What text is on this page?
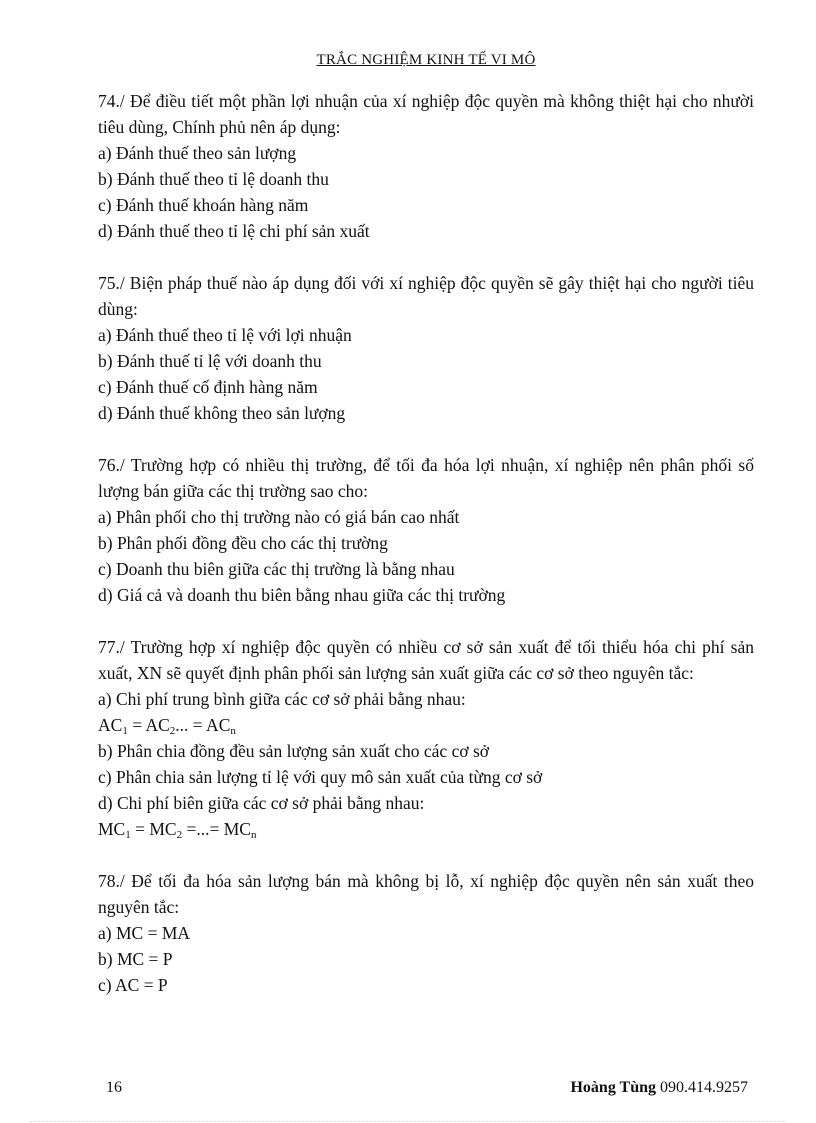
TRẮC NGHIỆM KINH TẾ VI MÔ
74./ Để điều tiết một phần lợi nhuận của xí nghiệp độc quyền mà không thiệt hại cho nhười tiêu dùng, Chính phủ nên áp dụng:
a) Đánh thuế theo sản lượng
b) Đánh thuế theo tỉ lệ doanh thu
c) Đánh thuế khoán hàng năm
d) Đánh thuế theo tỉ lệ chi phí sản xuất
75./ Biện pháp thuế nào áp dụng đối với xí nghiệp độc quyền sẽ gây thiệt hại cho người tiêu dùng:
a) Đánh thuế theo tỉ lệ với lợi nhuận
b) Đánh thuế tỉ lệ với doanh thu
c) Đánh thuế cố định hàng năm
d) Đánh thuế không theo sản lượng
76./ Trường hợp có nhiều thị trường, để tối đa hóa lợi nhuận, xí nghiệp nên phân phối số lượng bán giữa các thị trường sao cho:
a) Phân phối cho thị trường nào có giá bán cao nhất
b) Phân phối đồng đều cho các thị trường
c) Doanh thu biên giữa các thị trường là bằng nhau
d) Giá cả và doanh thu biên bằng nhau giữa các thị trường
77./ Trường hợp xí nghiệp độc quyền có nhiều cơ sở sản xuất để tối thiểu hóa chi phí sản xuất, XN sẽ quyết định phân phối sản lượng sản xuất giữa các cơ sở theo nguyên tắc:
a) Chi phí trung bình giữa các cơ sở phải bằng nhau:
$AC_1 = AC_2$... = $AC_n$
b) Phân chia đồng đều sản lượng sản xuất cho các cơ sở
c) Phân chia sản lượng tỉ lệ với quy mô sản xuất của từng cơ sở
d) Chi phí biên giữa các cơ sở phải bằng nhau:
$MC_1 = MC_2$ =...= $MC_n$
78./ Để tối đa hóa sản lượng bán mà không bị lỗ, xí nghiệp độc quyền nên sản xuất theo nguyên tắc:
a) MC = MA
b) MC = P
c) AC = P
16	Hoàng Tùng 090.414.9257
